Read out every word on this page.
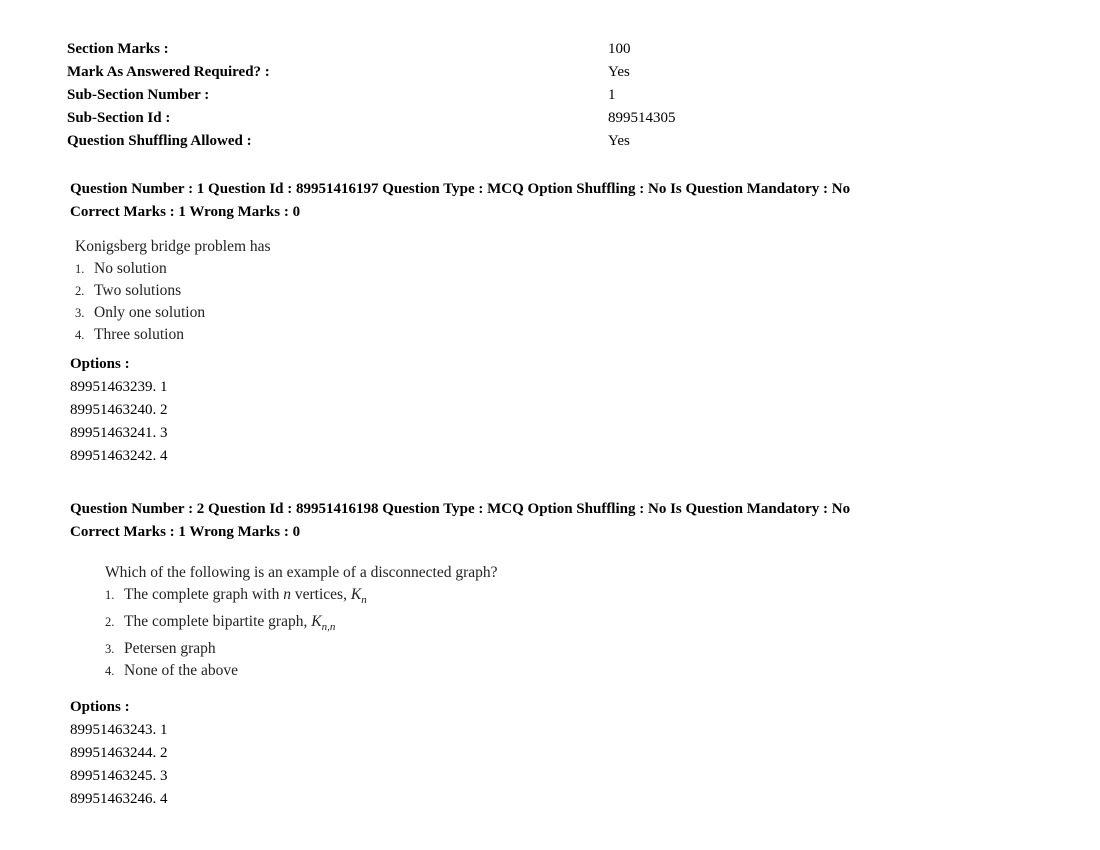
Section Marks :	100
Mark As Answered Required? :	Yes
Sub-Section Number :	1
Sub-Section Id :	899514305
Question Shuffling Allowed :	Yes
Question Number : 1 Question Id : 89951416197 Question Type : MCQ Option Shuffling : No Is Question Mandatory : No
Correct Marks : 1 Wrong Marks : 0
Konigsberg bridge problem has
1. No solution
2. Two solutions
3. Only one solution
4. Three solution
Options :
89951463239. 1
89951463240. 2
89951463241. 3
89951463242. 4
Question Number : 2 Question Id : 89951416198 Question Type : MCQ Option Shuffling : No Is Question Mandatory : No
Correct Marks : 1 Wrong Marks : 0
Which of the following is an example of a disconnected graph?
1. The complete graph with n vertices, $K_n$
2. The complete bipartite graph, $K_{n,n}$
3. Petersen graph
4. None of the above
Options :
89951463243. 1
89951463244. 2
89951463245. 3
89951463246. 4
